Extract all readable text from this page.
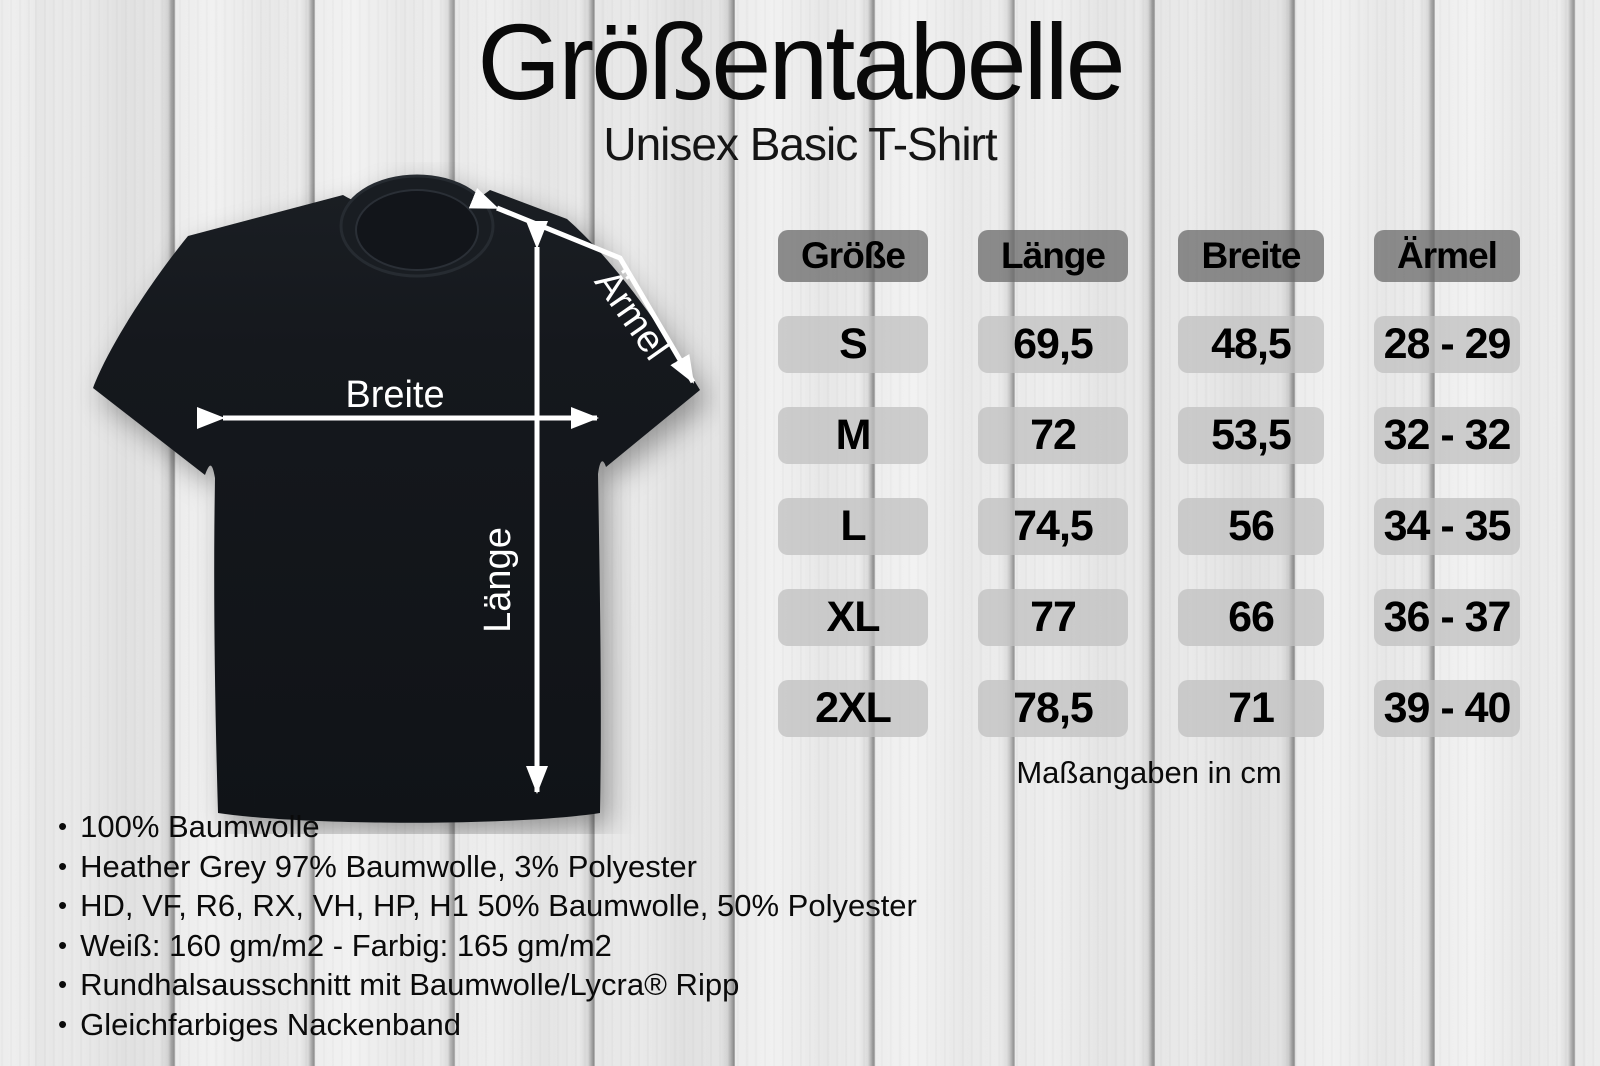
Größentabelle
Unisex Basic T-Shirt
Breite
Länge
Ärmel
Größe	Länge	Breite	Ärmel
S	69,5	48,5	28 - 29
M	72	53,5	32 - 32
L	74,5	56	34 - 35
XL	77	66	36 - 37
2XL	78,5	71	39 - 40
Maßangaben in cm
• 100% Baumwolle
• Heather Grey 97% Baumwolle, 3% Polyester
• HD, VF, R6, RX, VH, HP, H1 50% Baumwolle, 50% Polyester
• Weiß: 160 gm/m2 - Farbig: 165 gm/m2
• Rundhalsausschnitt mit Baumwolle/Lycra® Ripp
• Gleichfarbiges Nackenband
